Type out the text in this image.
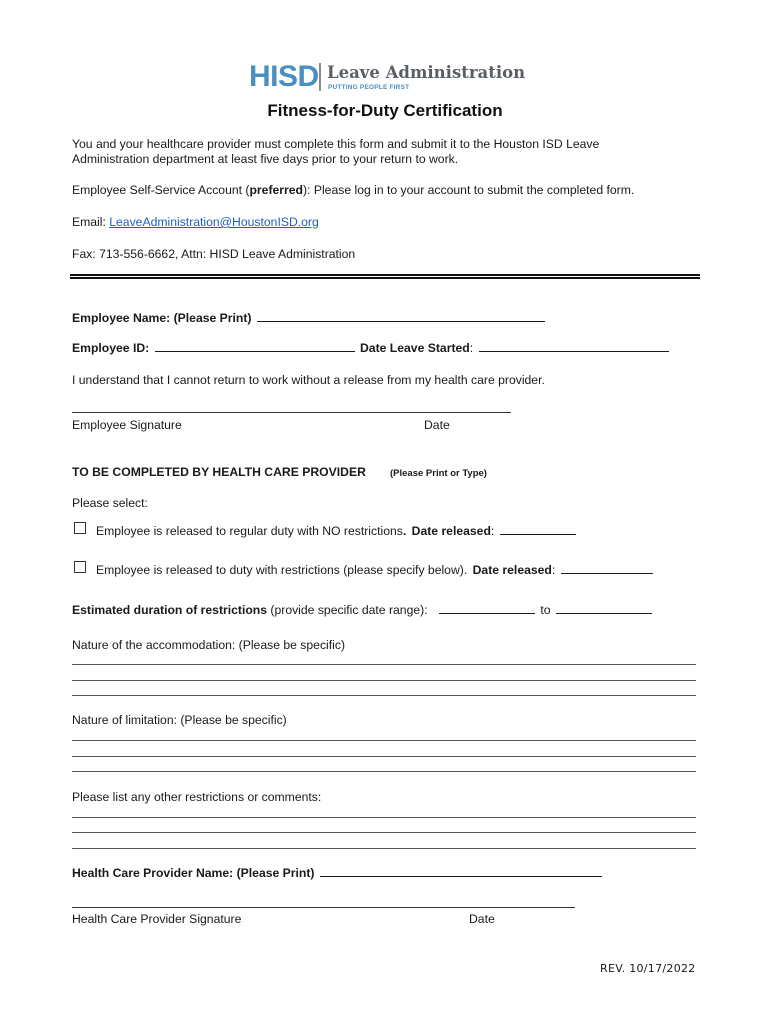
HISD Leave Administration
PUTTING PEOPLE FIRST
Fitness-for-Duty Certification
You and your healthcare provider must complete this form and submit it to the Houston ISD Leave
Administration department at least five days prior to your return to work.
Employee Self-Service Account (preferred): Please log in to your account to submit the completed form.
Email: LeaveAdministration@HoustonISD.org
Fax: 713-556-6662, Attn: HISD Leave Administration
Employee Name: (Please Print)
Employee ID:	Date Leave Started:
I understand that I cannot return to work without a release from my health care provider.
Employee Signature	Date
TO BE COMPLETED BY HEALTH CARE PROVIDER	(Please Print or Type)
Please select:
Employee is released to regular duty with NO restrictions. Date released:
Employee is released to duty with restrictions (please specify below). Date released:
Estimated duration of restrictions (provide specific date range):	to
Nature of the accommodation: (Please be specific)
Nature of limitation: (Please be specific)
Please list any other restrictions or comments:
Health Care Provider Name: (Please Print)
Health Care Provider Signature	Date
REV. 10/17/2022
